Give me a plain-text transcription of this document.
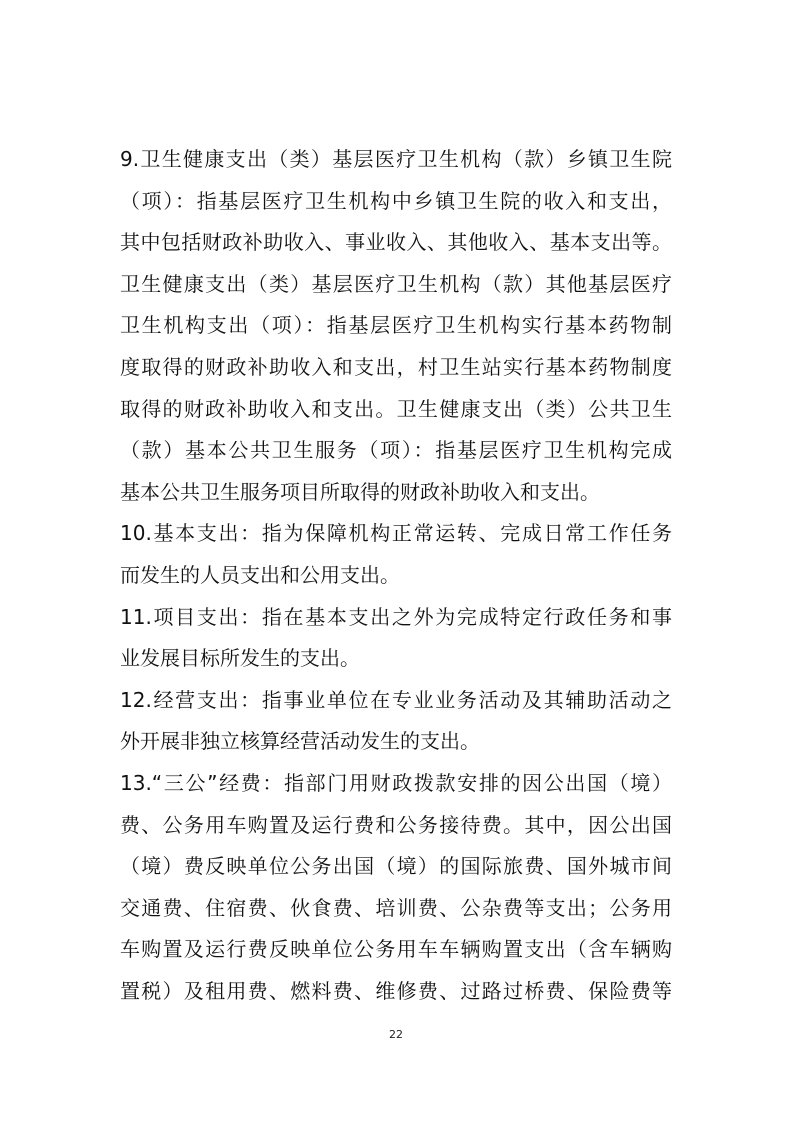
9.卫生健康支出（类）基层医疗卫生机构（款）乡镇卫生院
（项）：指基层医疗卫生机构中乡镇卫生院的收入和支出，
其中包括财政补助收入、事业收入、其他收入、基本支出等。
卫生健康支出（类）基层医疗卫生机构（款）其他基层医疗
卫生机构支出（项）：指基层医疗卫生机构实行基本药物制
度取得的财政补助收入和支出，村卫生站实行基本药物制度
取得的财政补助收入和支出。卫生健康支出（类）公共卫生
（款）基本公共卫生服务（项）：指基层医疗卫生机构完成
基本公共卫生服务项目所取得的财政补助收入和支出。
10.基本支出：指为保障机构正常运转、完成日常工作任务
而发生的人员支出和公用支出。
11.项目支出：指在基本支出之外为完成特定行政任务和事
业发展目标所发生的支出。
12.经营支出：指事业单位在专业业务活动及其辅助活动之
外开展非独立核算经营活动发生的支出。
13.“三公”经费：指部门用财政拨款安排的因公出国（境）
费、公务用车购置及运行费和公务接待费。其中，因公出国
（境）费反映单位公务出国（境）的国际旅费、国外城市间
交通费、住宿费、伙食费、培训费、公杂费等支出；公务用
车购置及运行费反映单位公务用车车辆购置支出（含车辆购
置税）及租用费、燃料费、维修费、过路过桥费、保险费等
22
